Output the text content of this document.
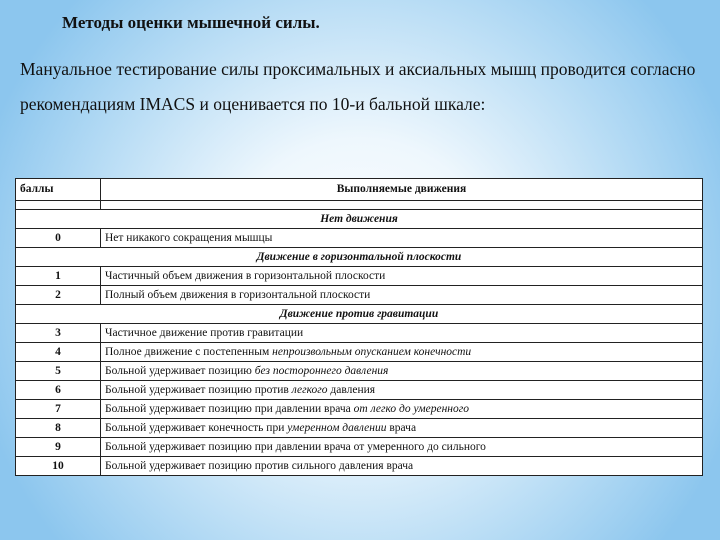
Методы оценки мышечной силы.
Мануальное тестирование силы проксимальных и аксиальных мышц проводится согласно рекомендациям IMACS и оценивается по 10-и бальной шкале:
баллы	Выполняемые движения

Нет движения	
0	Нет никакого сокращения мышцы
Движение в горизонтальной плоскости	
1	Частичный объем движения в горизонтальной плоскости
2	Полный объем движения в горизонтальной плоскости
Движение против гравитации	
3	Частичное движение против гравитации
4	Полное движение с постепенным непроизвольным опусканием конечности
5	Больной удерживает позицию без постороннего давления
6	Больной удерживает позицию против легкого давления
7	Больной удерживает позицию при давлении врача от легко до умеренного
8	Больной удерживает конечность при умеренном давлении врача
9	Больной удерживает позицию при давлении врача от умеренного до сильного
10	Больной удерживает позицию против сильного давления врача
